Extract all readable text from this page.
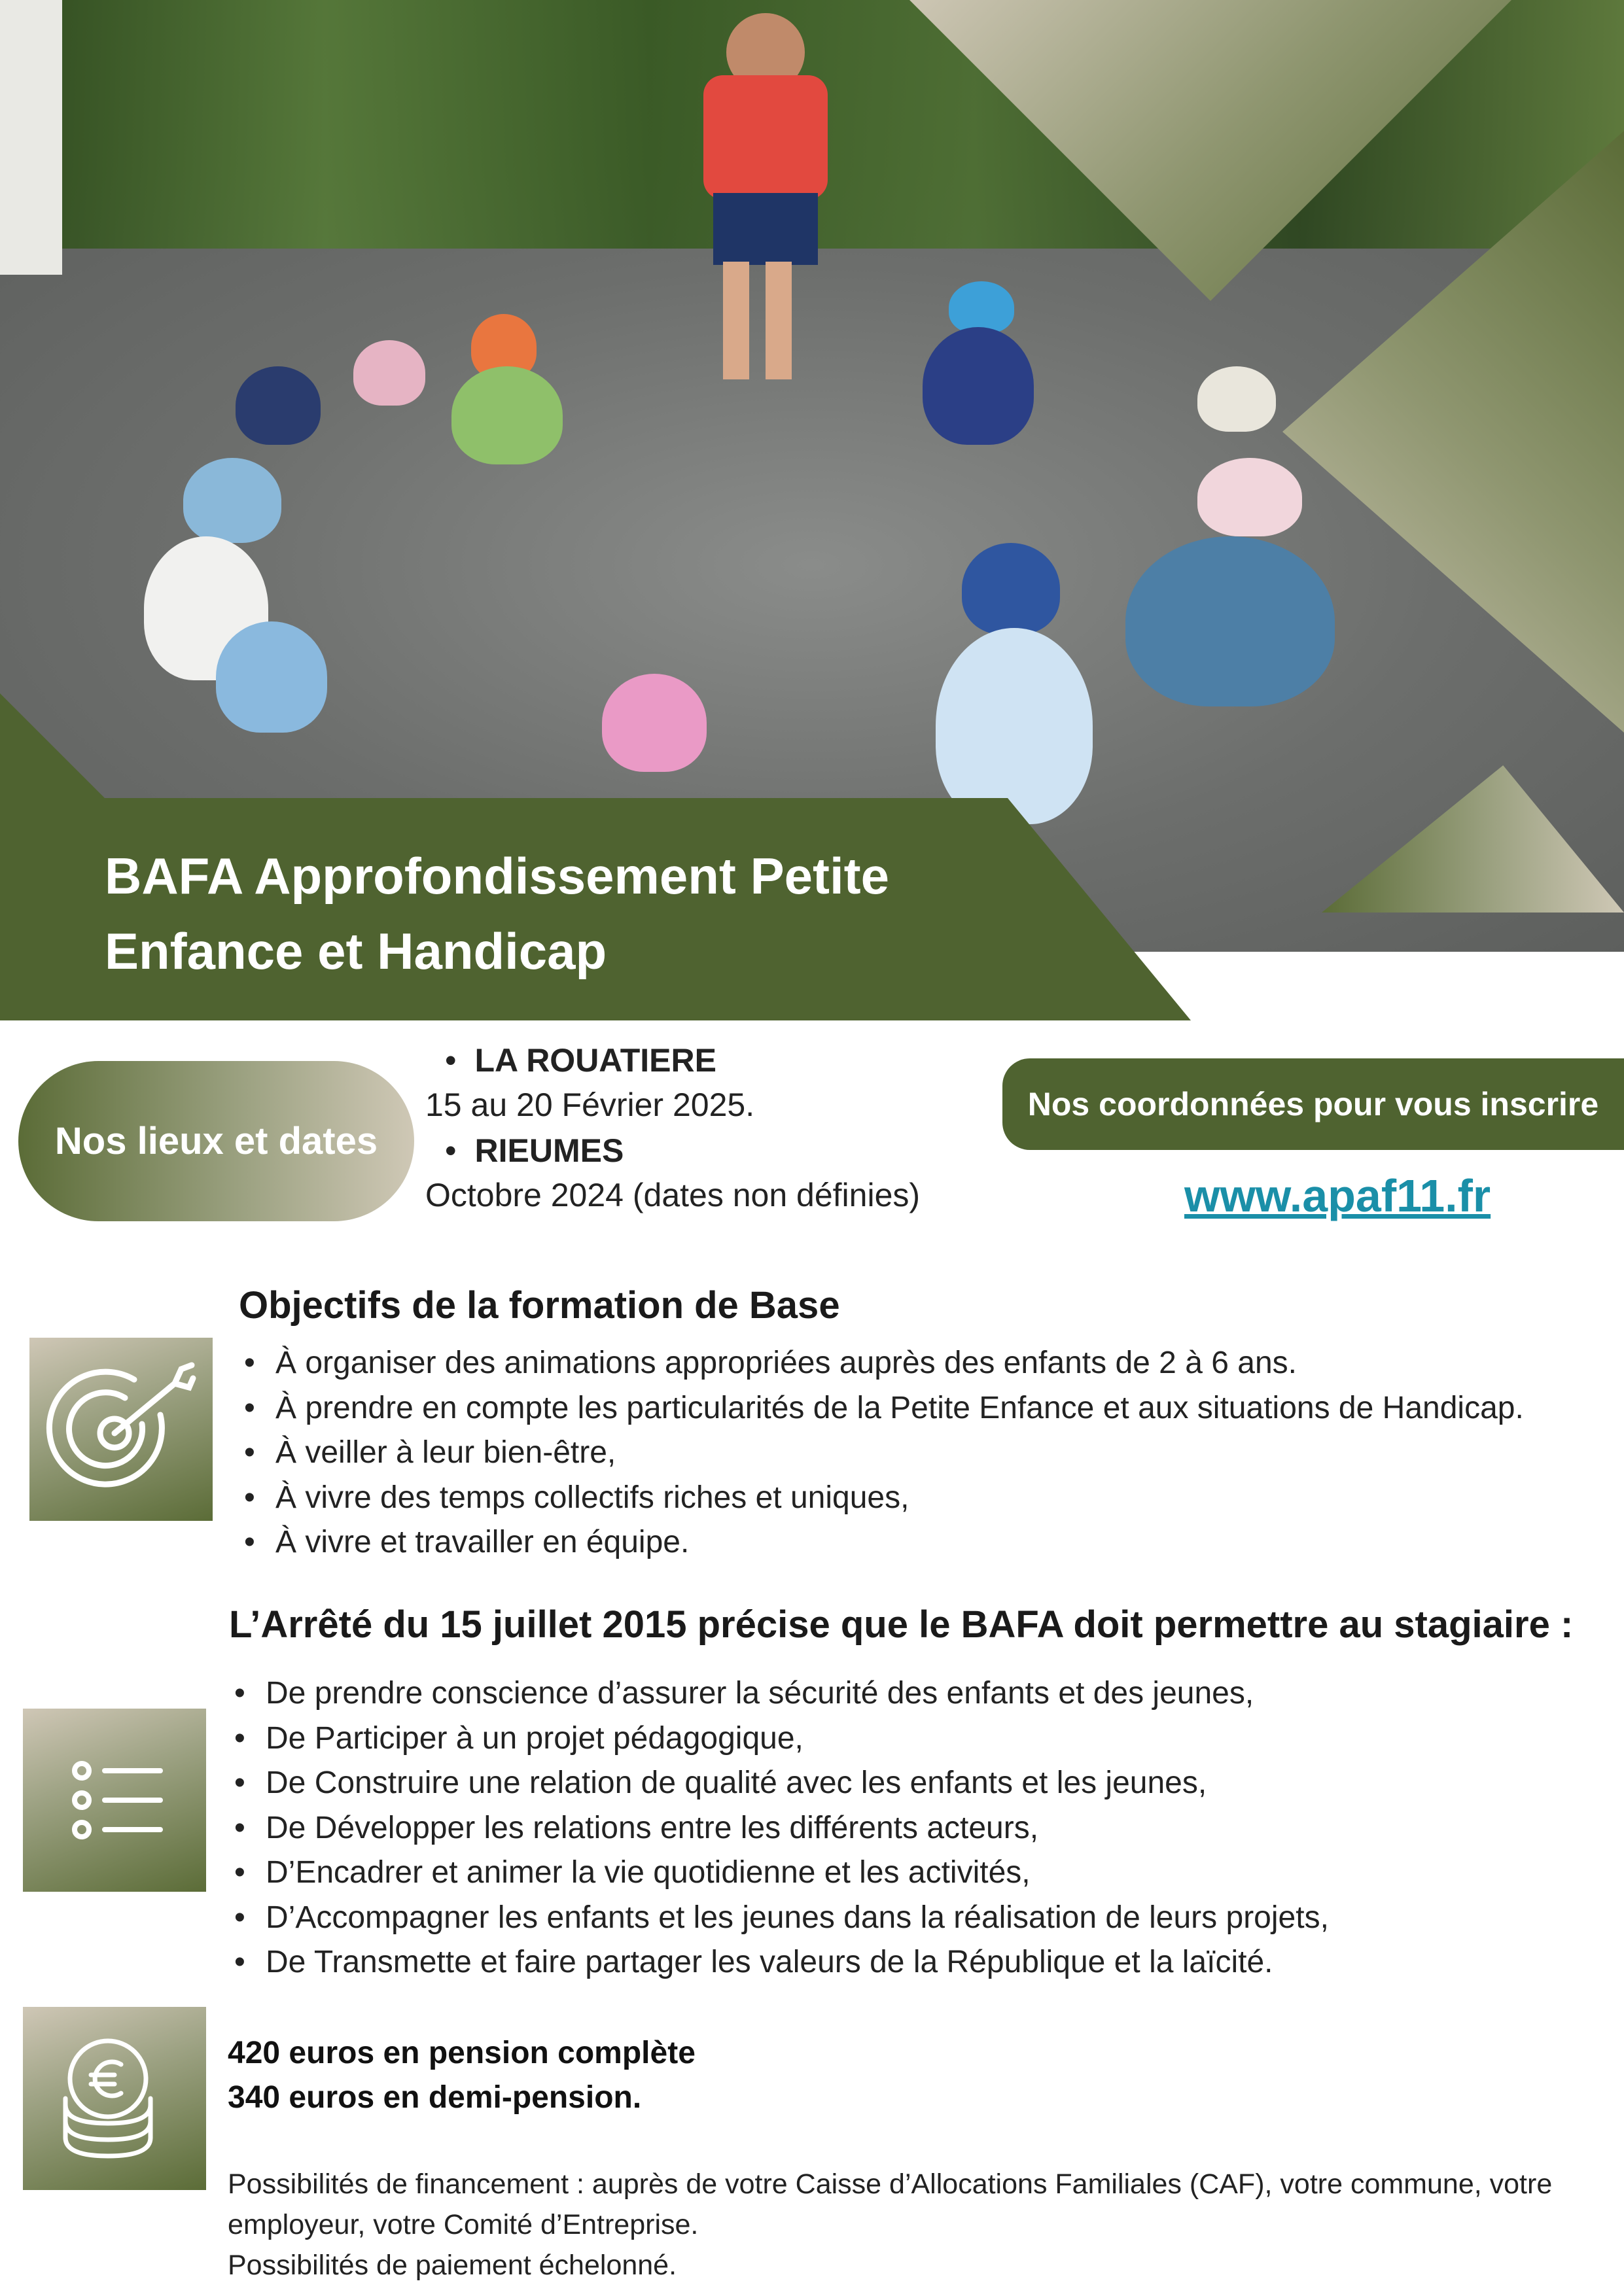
BAFA Approfondissement Petite
Enfance et Handicap
Nos lieux et dates
• LA ROUATIERE
15 au 20 Février 2025.
• RIEUMES
Octobre 2024 (dates non définies)
Nos coordonnées pour vous inscrire
www.apaf11.fr
Objectifs de la formation de Base
• À organiser des animations appropriées auprès des enfants de 2 à 6 ans.
• À prendre en compte les particularités de la Petite Enfance et aux situations de Handicap.
• À veiller à leur bien-être,
• À vivre des temps collectifs riches et uniques,
• À vivre et travailler en équipe.
L’Arrêté du 15 juillet 2015 précise que le BAFA doit permettre au stagiaire :
• De prendre conscience d’assurer la sécurité des enfants et des jeunes,
• De Participer à un projet pédagogique,
• De Construire une relation de qualité avec les enfants et les jeunes,
• De Développer les relations entre les différents acteurs,
• D’Encadrer et animer la vie quotidienne et les activités,
• D’Accompagner les enfants et les jeunes dans la réalisation de leurs projets,
• De Transmette et faire partager les valeurs de la République et la laïcité.
420 euros en pension complète
340 euros en demi-pension.
Possibilités de financement : auprès de votre Caisse d’Allocations Familiales (CAF), votre commune, votre employeur, votre Comité d’Entreprise.
Possibilités de paiement échelonné.
